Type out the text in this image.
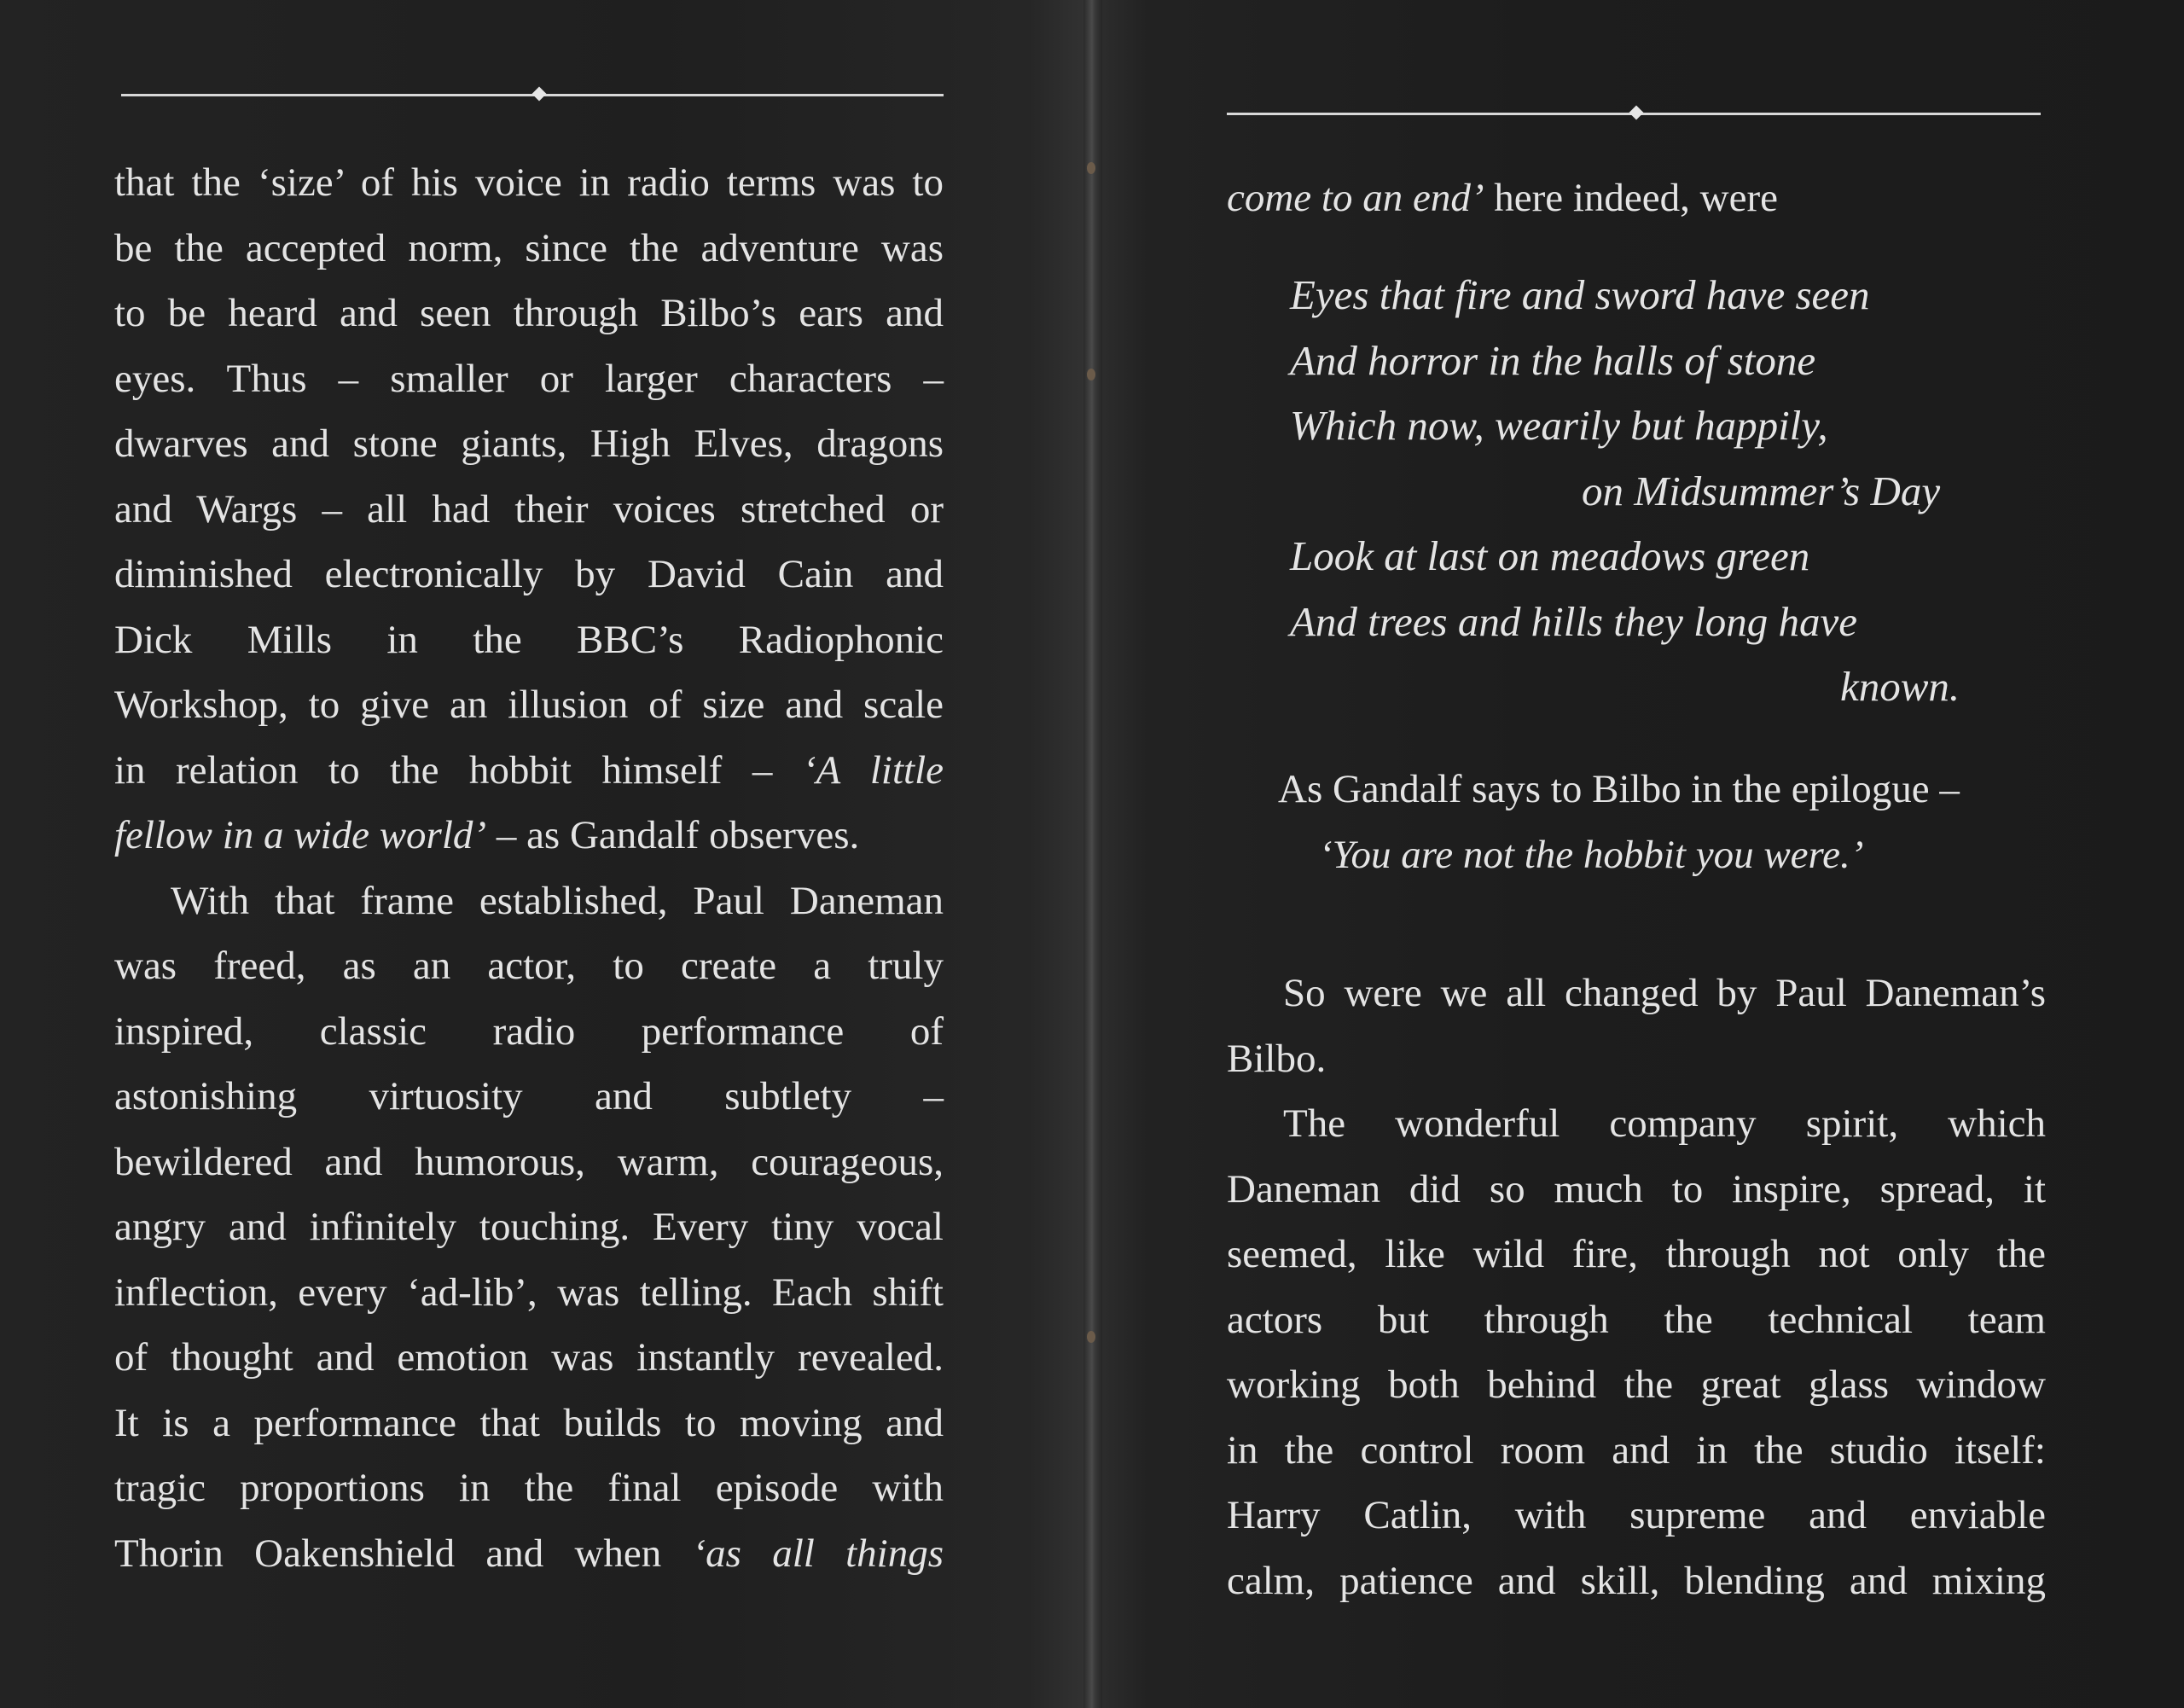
that the ‘size’ of his voice in radio terms was to

be the accepted norm, since the adventure was

to be heard and seen through Bilbo’s ears and

eyes. Thus – smaller or larger characters –

dwarves and stone giants, High Elves, dragons

and Wargs – all had their voices stretched or

diminished electronically by David Cain and

Dick Mills in the BBC’s Radiophonic

Workshop, to give an illusion of size and scale

in relation to the hobbit himself – ‘A little

fellow in a wide world’ – as Gandalf observes.

With that frame established, Paul Daneman

was freed, as an actor, to create a truly

inspired, classic radio performance of

astonishing virtuosity and subtlety –

bewildered and humorous, warm, courageous,

angry and infinitely touching. Every tiny vocal

inflection, every ‘ad-lib’, was telling. Each shift

of thought and emotion was instantly revealed.

It is a performance that builds to moving and

tragic proportions in the final episode with

Thorin Oakenshield and when ‘as all things

come to an end’ here indeed, were

Eyes that fire and sword have seen
And horror in the halls of stone
Which now, wearily but happily,
on Midsummer’s Day
Look at last on meadows green
And trees and hills they long have
known.
As Gandalf says to Bilbo in the epilogue –
‘You are not the hobbit you were.’

So were we all changed by Paul Daneman’s

Bilbo.

The wonderful company spirit, which

Daneman did so much to inspire, spread, it

seemed, like wild fire, through not only the

actors but through the technical team

working both behind the great glass window

in the control room and in the studio itself:

Harry Catlin, with supreme and enviable

calm, patience and skill, blending and mixing
